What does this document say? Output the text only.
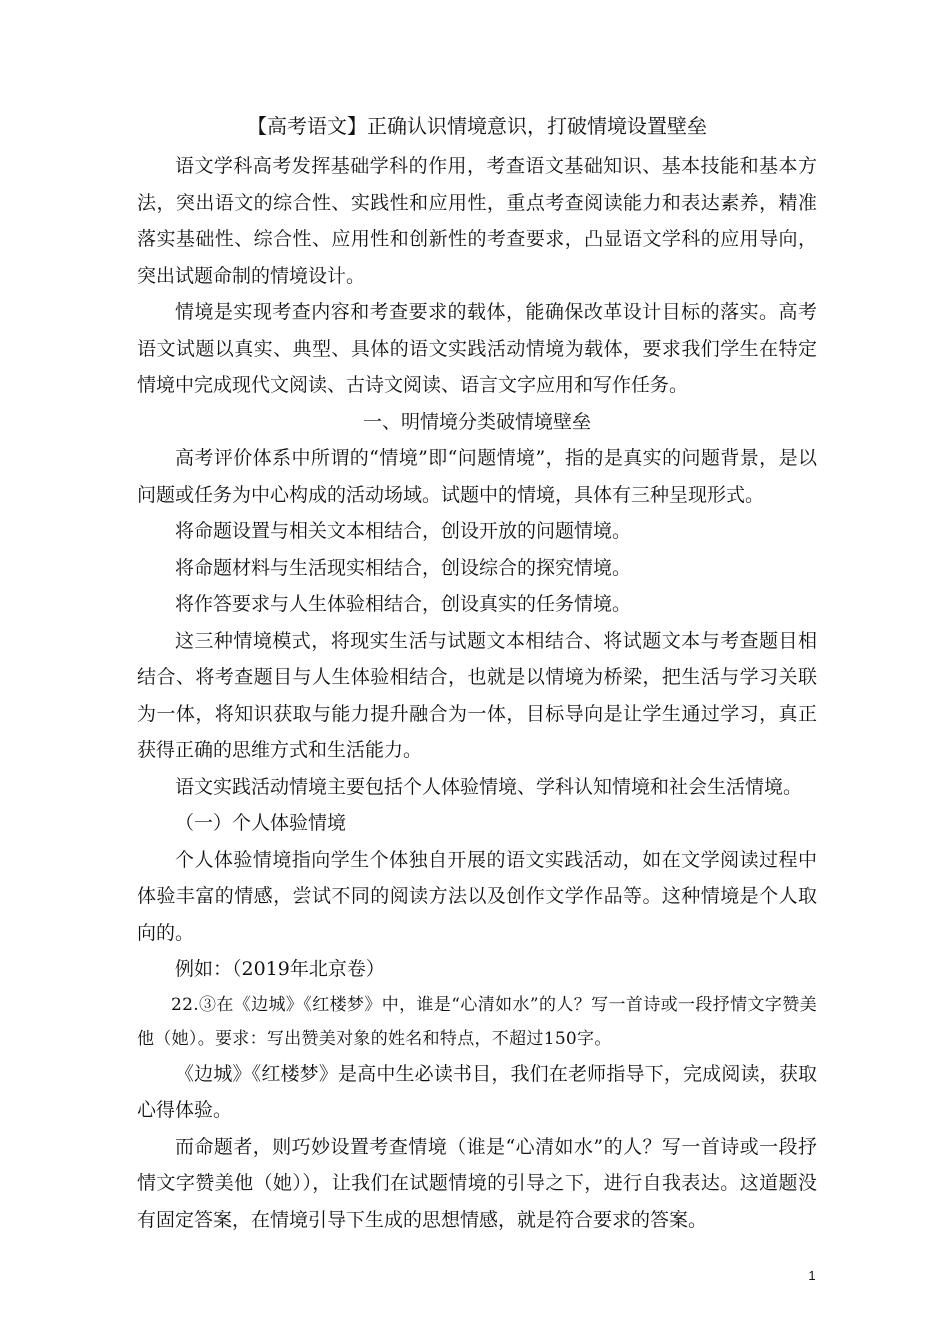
【高考语文】正确认识情境意识，打破情境设置壁垒

语文学科高考发挥基础学科的作用，考查语文基础知识、基本技能和基本方法，突出语文的综合性、实践性和应用性，重点考查阅读能力和表达素养，精准落实基础性、综合性、应用性和创新性的考查要求，凸显语文学科的应用导向，突出试题命制的情境设计。

情境是实现考查内容和考查要求的载体，能确保改革设计目标的落实。高考语文试题以真实、典型、具体的语文实践活动情境为载体，要求我们学生在特定情境中完成现代文阅读、古诗文阅读、语言文字应用和写作任务。

一、明情境分类破情境壁垒

高考评价体系中所谓的“情境”即“问题情境”，指的是真实的问题背景，是以问题或任务为中心构成的活动场域。试题中的情境，具体有三种呈现形式。

将命题设置与相关文本相结合，创设开放的问题情境。

将命题材料与生活现实相结合，创设综合的探究情境。

将作答要求与人生体验相结合，创设真实的任务情境。

这三种情境模式，将现实生活与试题文本相结合、将试题文本与考查题目相结合、将考查题目与人生体验相结合，也就是以情境为桥梁，把生活与学习关联为一体，将知识获取与能力提升融合为一体，目标导向是让学生通过学习，真正获得正确的思维方式和生活能力。

语文实践活动情境主要包括个人体验情境、学科认知情境和社会生活情境。

（一）个人体验情境

个人体验情境指向学生个体独自开展的语文实践活动，如在文学阅读过程中体验丰富的情感，尝试不同的阅读方法以及创作文学作品等。这种情境是个人取向的。

例如：（2019年北京卷）

22.③在《边城》《红楼梦》中，谁是“心清如水”的人？写一首诗或一段抒情文字赞美他（她）。要求：写出赞美对象的姓名和特点，不超过150字。

《边城》《红楼梦》是高中生必读书目，我们在老师指导下，完成阅读，获取心得体验。

而命题者，则巧妙设置考查情境（谁是“心清如水”的人？写一首诗或一段抒情文字赞美他（她）），让我们在试题情境的引导之下，进行自我表达。这道题没有固定答案，在情境引导下生成的思想情感，就是符合要求的答案。

1
